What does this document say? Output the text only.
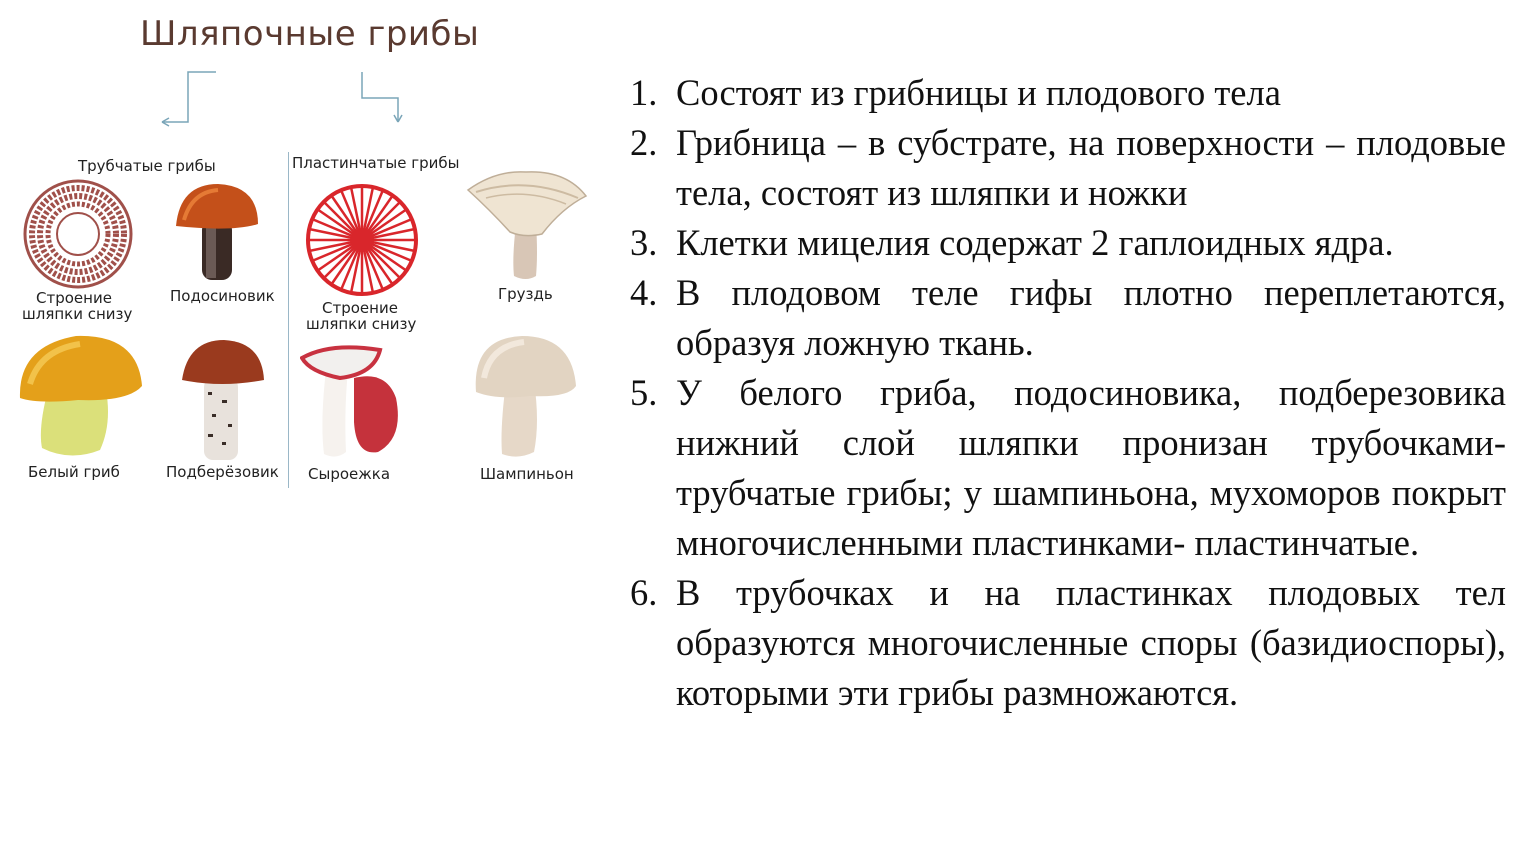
Шляпочные грибы
Трубчатые грибы	Пластинчатые грибы
Строение
шляпки снизу
Подосиновик
Строение
шляпки снизу
Груздь
Белый гриб	Подберёзовик Сыроежка	Шампиньон
1. Состоят из грибницы и плодового тела
2. Грибница – в субстрате, на поверхности – плодовые тела, состоят из шляпки и ножки
3. Клетки мицелия содержат 2 гаплоидных ядра.
4. В плодовом теле гифы плотно переплетаются, образуя ложную ткань.
5. У белого гриба, подосиновика, подберезовика нижний слой шляпки пронизан трубочками- трубчатые грибы; у шампиньона, мухоморов покрыт многочисленными пластинками- пластинчатые.
6. В трубочках и на пластинках плодовых тел образуются многочисленные споры (базидиоспоры), которыми эти грибы размножаются.
